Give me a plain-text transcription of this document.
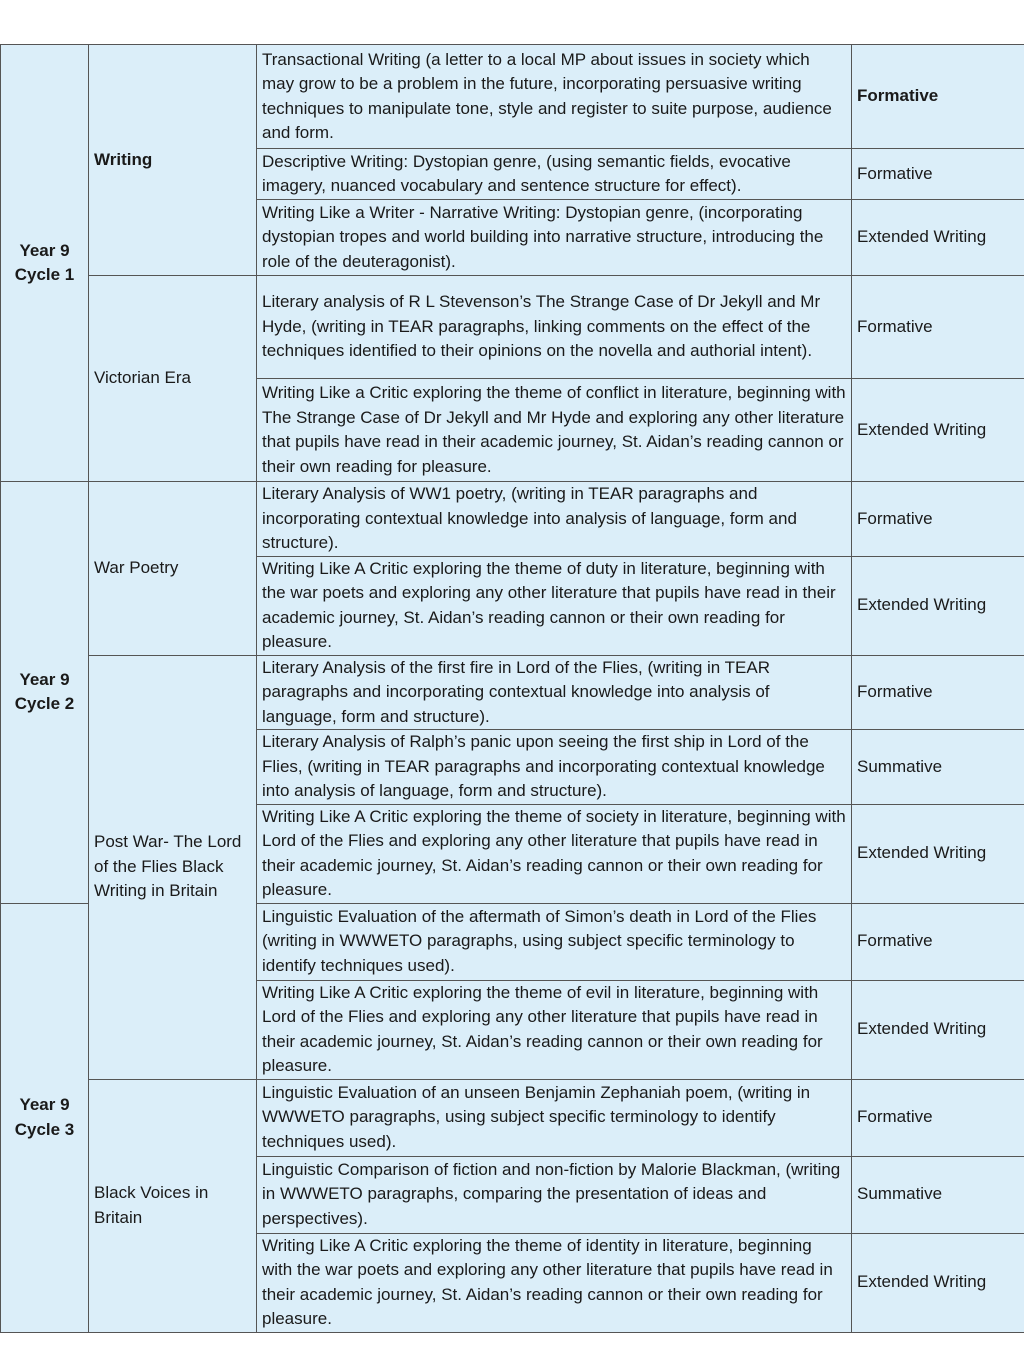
Year 9
Cycle 1	Writing	Transactional Writing (a letter to a local MP about issues in society which may grow to be a problem in the future, incorporating persuasive writing techniques to manipulate tone, style and register to suite purpose, audience and form.	Formative
		Descriptive Writing: Dystopian genre, (using semantic fields, evocative imagery, nuanced vocabulary and sentence structure for effect).	Formative
		Writing Like a Writer - Narrative Writing: Dystopian genre, (incorporating dystopian tropes and world building into narrative structure, introducing the role of the deuteragonist).	Extended Writing
	Victorian Era	Literary analysis of R L Stevenson’s The Strange Case of Dr Jekyll and Mr Hyde, (writing in TEAR paragraphs, linking comments on the effect of the techniques identified to their opinions on the novella and authorial intent).	Formative
		Writing Like a Critic exploring the theme of conflict in literature, beginning with The Strange Case of Dr Jekyll and Mr Hyde and exploring any other literature that pupils have read in their academic journey, St. Aidan’s reading cannon or their own reading for pleasure.	Extended Writing

Year 9
Cycle 2	War Poetry	Literary Analysis of WW1 poetry, (writing in TEAR paragraphs and incorporating contextual knowledge into analysis of language, form and structure).	Formative
		Writing Like A Critic exploring the theme of duty in literature, beginning with the war poets and exploring any other literature that pupils have read in their academic journey, St. Aidan’s reading cannon or their own reading for pleasure.	Extended Writing
	Post War- The Lord of the Flies Black Writing in Britain	Literary Analysis of the first fire in Lord of the Flies, (writing in TEAR paragraphs and incorporating contextual knowledge into analysis of language, form and structure).	Formative
		Literary Analysis of Ralph’s panic upon seeing the first ship in Lord of the Flies, (writing in TEAR paragraphs and incorporating contextual knowledge into analysis of language, form and structure).	Summative
		Writing Like A Critic exploring the theme of society in literature, beginning with Lord of the Flies and exploring any other literature that pupils have read in their academic journey, St. Aidan’s reading cannon or their own reading for pleasure.	Extended Writing

Year 9
Cycle 3		Linguistic Evaluation of the aftermath of Simon’s death in Lord of the Flies (writing in WWWETO paragraphs, using subject specific terminology to identify techniques used).	Formative
		Writing Like A Critic exploring the theme of evil in literature, beginning with Lord of the Flies and exploring any other literature that pupils have read in their academic journey, St. Aidan’s reading cannon or their own reading for pleasure.	Extended Writing
	Black Voices in Britain	Linguistic Evaluation of an unseen Benjamin Zephaniah poem, (writing in WWWETO paragraphs, using subject specific terminology to identify techniques used).	Formative
		Linguistic Comparison of fiction and non-fiction by Malorie Blackman, (writing in WWWETO paragraphs, comparing the presentation of ideas and perspectives).	Summative
		Writing Like A Critic exploring the theme of identity in literature, beginning with the war poets and exploring any other literature that pupils have read in their academic journey, St. Aidan’s reading cannon or their own reading for pleasure.	Extended Writing
